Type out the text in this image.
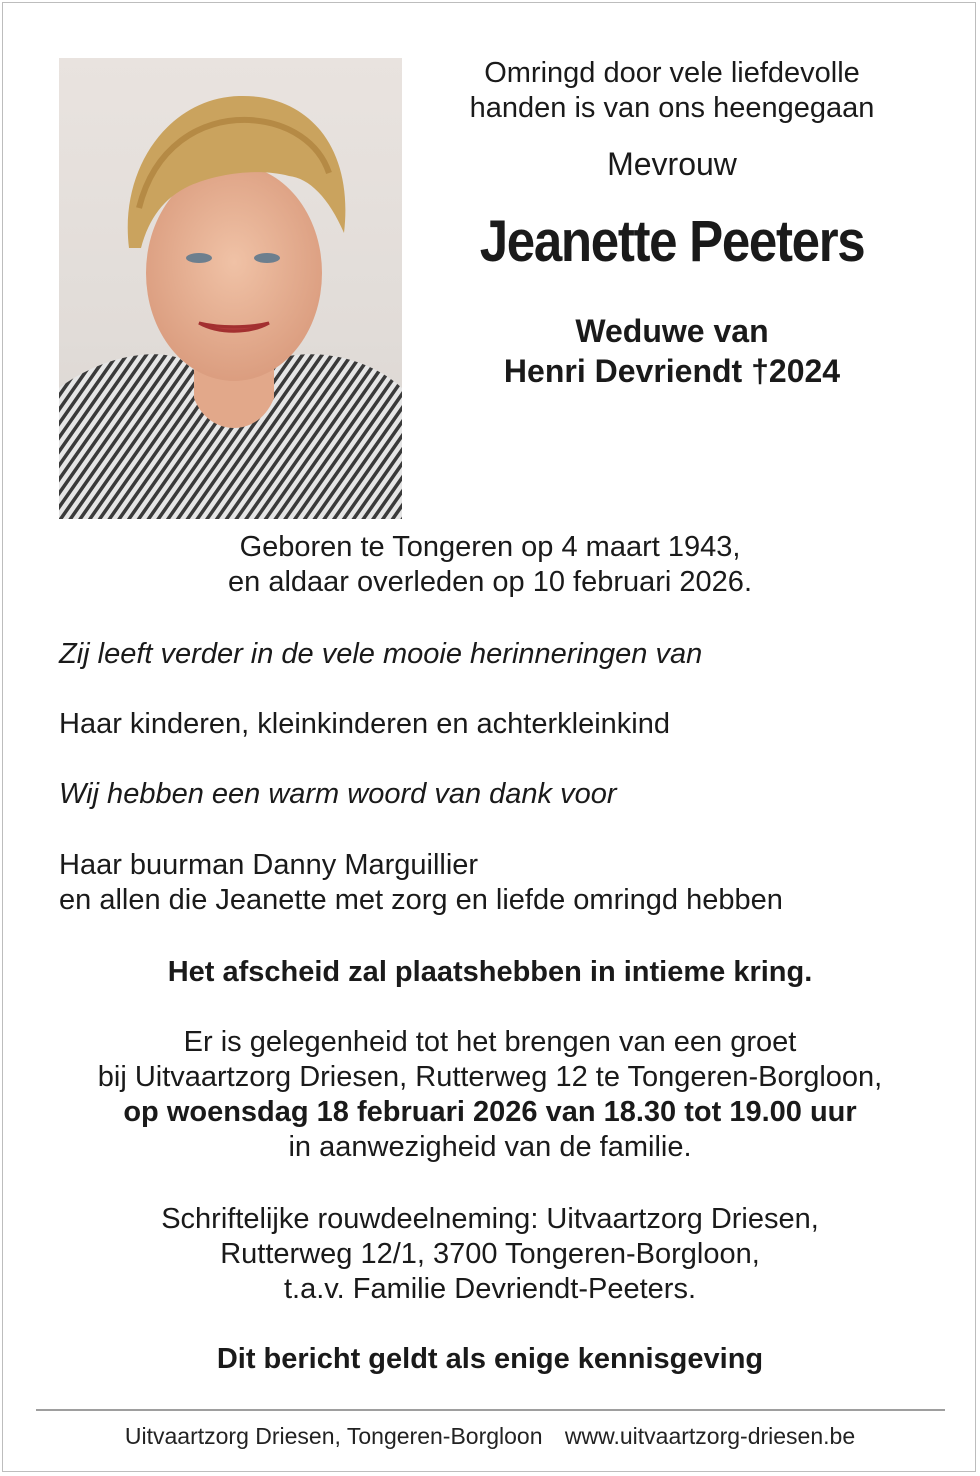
Omringd door vele liefdevolle
handen is van ons heengegaan

Mevrouw

Jeanette Peeters

Weduwe van
Henri Devriendt †2024

Geboren te Tongeren op 4 maart 1943,
en aldaar overleden op 10 februari 2026.
Zij leeft verder in de vele mooie herinneringen van
Haar kinderen, kleinkinderen en achterkleinkind
Wij hebben een warm woord van dank voor
Haar buurman Danny Marguillier
en allen die Jeanette met zorg en liefde omringd hebben
Het afscheid zal plaatshebben in intieme kring.
Er is gelegenheid tot het brengen van een groet
bij Uitvaartzorg Driesen, Rutterweg 12 te Tongeren-Borgloon,
op woensdag 18 februari 2026 van 18.30 tot 19.00 uur
in aanwezigheid van de familie.
Schriftelijke rouwdeelneming: Uitvaartzorg Driesen,
Rutterweg 12/1, 3700 Tongeren-Borgloon,
t.a.v. Familie Devriendt-Peeters.
Dit bericht geldt als enige kennisgeving
Uitvaartzorg Driesen, Tongeren-Borgloon www.uitvaartzorg-driesen.be
